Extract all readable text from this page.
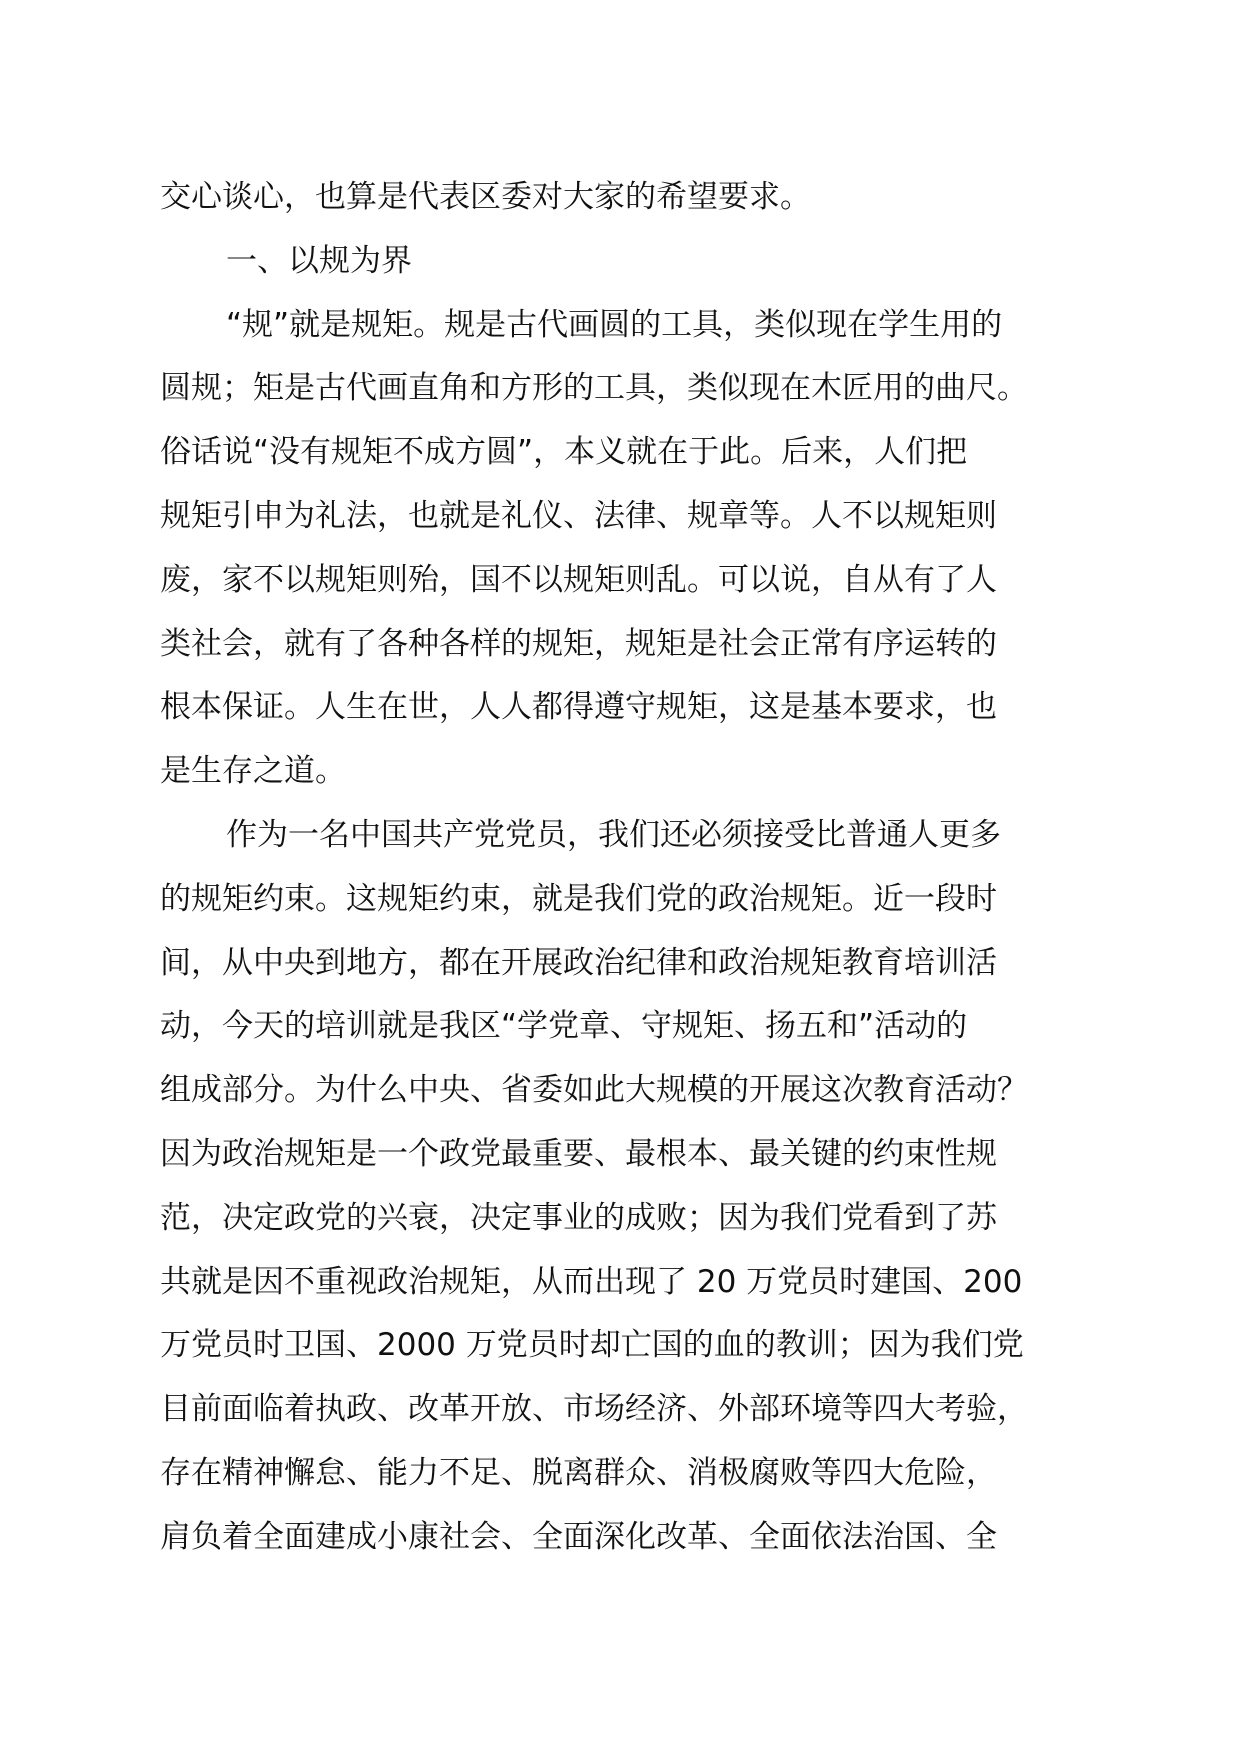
交心谈心，也算是代表区委对大家的希望要求。
一、以规为界
“规”就是规矩。规是古代画圆的工具，类似现在学生用的
圆规；矩是古代画直角和方形的工具，类似现在木匠用的曲尺。
俗话说“没有规矩不成方圆”，本义就在于此。后来，人们把
规矩引申为礼法，也就是礼仪、法律、规章等。人不以规矩则
废，家不以规矩则殆，国不以规矩则乱。可以说，自从有了人
类社会，就有了各种各样的规矩，规矩是社会正常有序运转的
根本保证。人生在世，人人都得遵守规矩，这是基本要求，也
是生存之道。
作为一名中国共产党党员，我们还必须接受比普通人更多
的规矩约束。这规矩约束，就是我们党的政治规矩。近一段时
间，从中央到地方，都在开展政治纪律和政治规矩教育培训活
动，今天的培训就是我区“学党章、守规矩、扬五和”活动的
组成部分。为什么中央、省委如此大规模的开展这次教育活动？
因为政治规矩是一个政党最重要、最根本、最关键的约束性规
范，决定政党的兴衰，决定事业的成败；因为我们党看到了苏
共就是因不重视政治规矩，从而出现了 20 万党员时建国、200
万党员时卫国、2000 万党员时却亡国的血的教训；因为我们党
目前面临着执政、改革开放、市场经济、外部环境等四大考验，
存在精神懈怠、能力不足、脱离群众、消极腐败等四大危险，
肩负着全面建成小康社会、全面深化改革、全面依法治国、全
